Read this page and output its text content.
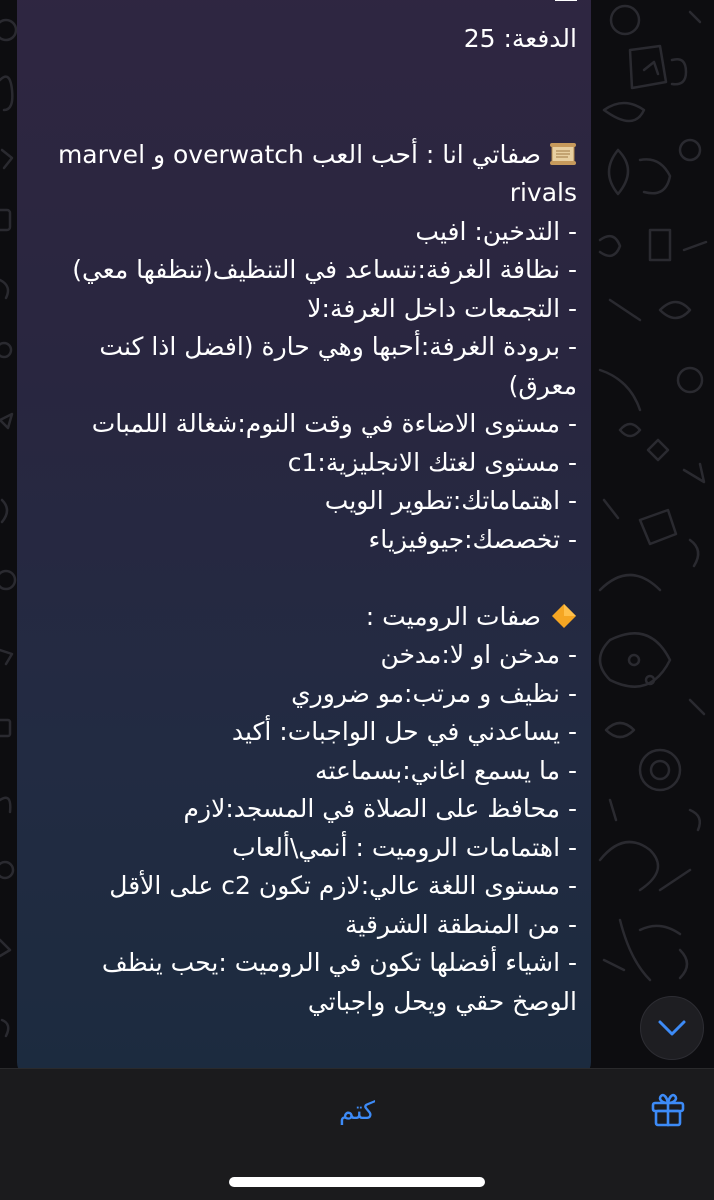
الدفعة: 25
صفاتي انا : أحب العب overwatch و marvel
rivals
- التدخين: افيب
- نظافة الغرفة:نتساعد في التنظيف(تنظفها معي)
- التجمعات داخل الغرفة:لا
- برودة الغرفة:أحبها وهي حارة (افضل اذا كنت
معرق)
- مستوى الاضاءة في وقت النوم:شغالة اللمبات
- مستوى لغتك الانجليزية:c1
- اهتماماتك:تطوير الويب
- تخصصك:جيوفيزياء
صفات الروميت :
- مدخن او لا:مدخن
- نظيف و مرتب:مو ضروري
- يساعدني في حل الواجبات: أكيد
- ما يسمع اغاني:بسماعته
- محافظ على الصلاة في المسجد:لازم
- اهتمامات الروميت : أنمي\ألعاب
- مستوى اللغة عالي:لازم تكون c2 على الأقل
- من المنطقة الشرقية
- اشياء أفضلها تكون في الروميت :يحب ينظف
الوصخ حقي ويحل واجباتي
كتم
